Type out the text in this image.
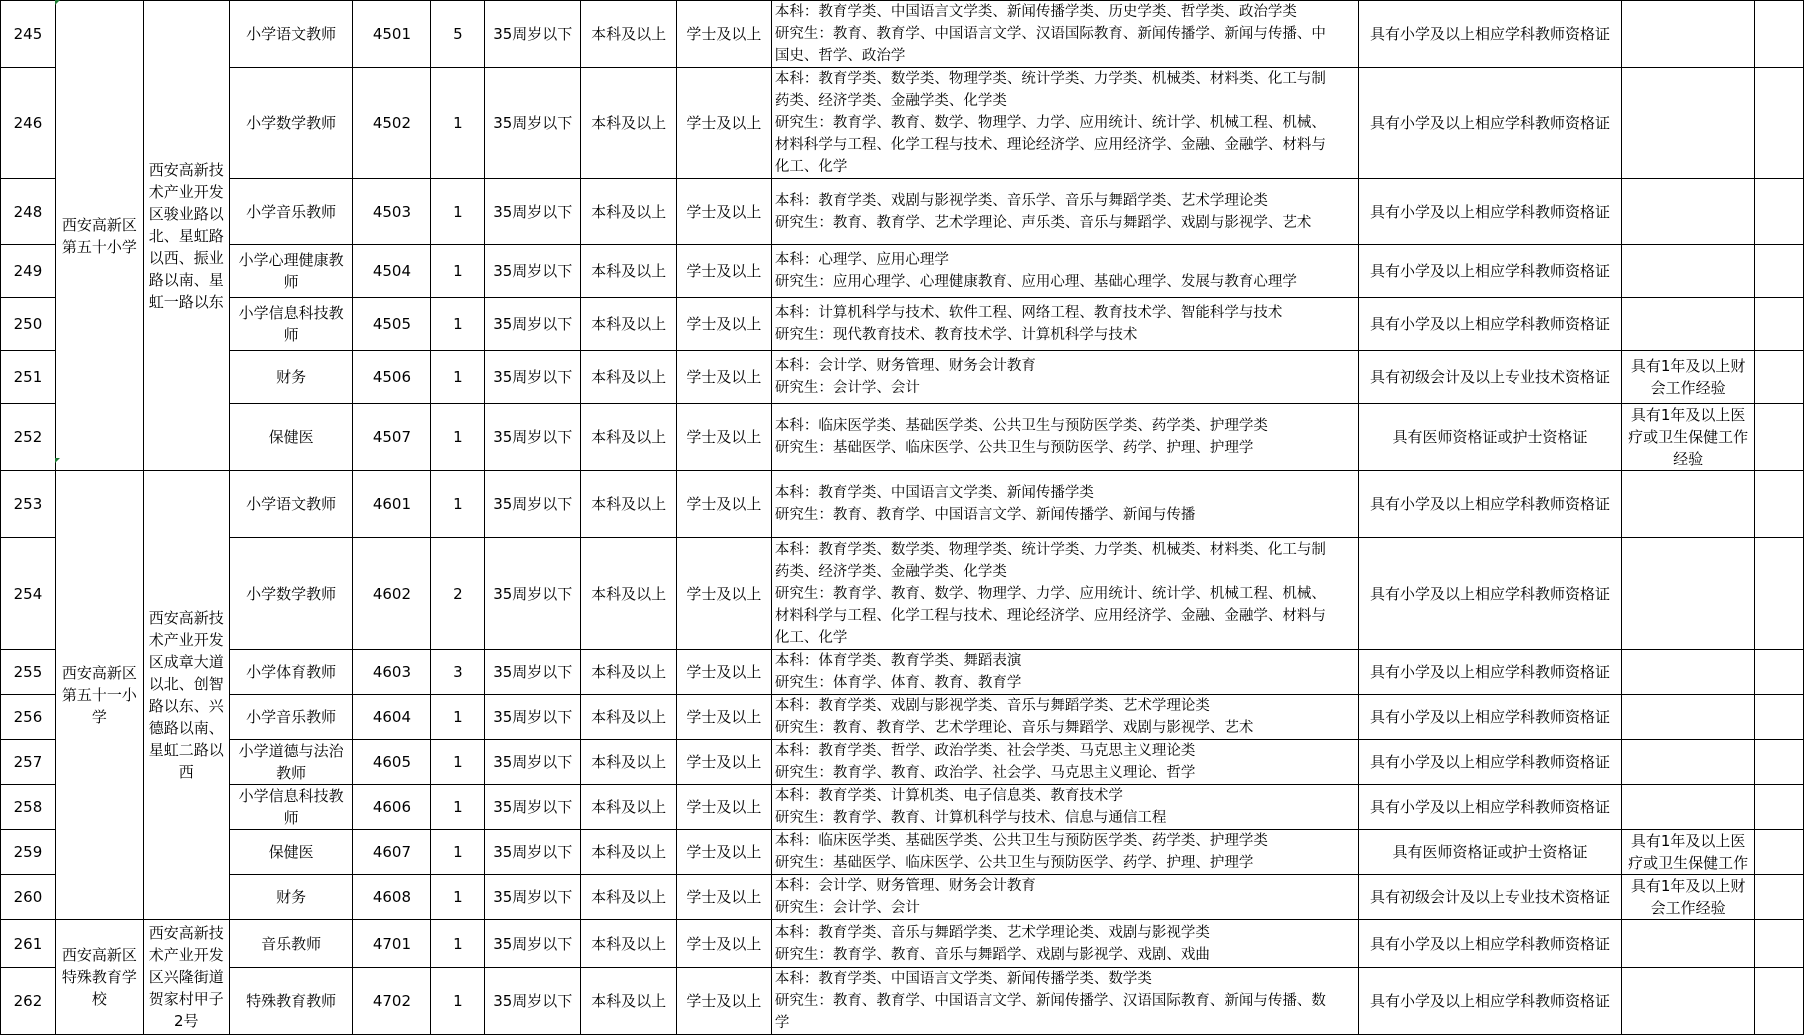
245	西安高新区第五十小学	西安高新技术产业开发区骏业路以北、星虹路以西、振业路以南、星虹一路以东	小学语文教师	4501	5	35周岁以下	本科及以上	学士及以上	本科：教育学类、中国语言文学类、新闻传播学类、历史学类、哲学类、政治学类
研究生：教育、教育学、中国语言文学、汉语国际教育、新闻传播学、新闻与传播、中
国史、哲学、政治学	具有小学及以上相应学科教师资格证		
246			小学数学教师	4502	1	35周岁以下	本科及以上	学士及以上	本科：教育学类、数学类、物理学类、统计学类、力学类、机械类、材料类、化工与制
药类、经济学类、金融学类、化学类
研究生：教育学、教育、数学、物理学、力学、应用统计、统计学、机械工程、机械、
材料科学与工程、化学工程与技术、理论经济学、应用经济学、金融、金融学、材料与
化工、化学	具有小学及以上相应学科教师资格证		
248			小学音乐教师	4503	1	35周岁以下	本科及以上	学士及以上	本科：教育学类、戏剧与影视学类、音乐学、音乐与舞蹈学类、艺术学理论类
研究生：教育、教育学、艺术学理论、声乐类、音乐与舞蹈学、戏剧与影视学、艺术	具有小学及以上相应学科教师资格证		
249			小学心理健康教师	4504	1	35周岁以下	本科及以上	学士及以上	本科：心理学、应用心理学
研究生：应用心理学、心理健康教育、应用心理、基础心理学、发展与教育心理学	具有小学及以上相应学科教师资格证		
250			小学信息科技教师	4505	1	35周岁以下	本科及以上	学士及以上	本科：计算机科学与技术、软件工程、网络工程、教育技术学、智能科学与技术
研究生：现代教育技术、教育技术学、计算机科学与技术	具有小学及以上相应学科教师资格证		
251			财务	4506	1	35周岁以下	本科及以上	学士及以上	本科：会计学、财务管理、财务会计教育
研究生：会计学、会计	具有初级会计及以上专业技术资格证	具有1年及以上财会工作经验	
252			保健医	4507	1	35周岁以下	本科及以上	学士及以上	本科：临床医学类、基础医学类、公共卫生与预防医学类、药学类、护理学类
研究生：基础医学、临床医学、公共卫生与预防医学、药学、护理、护理学	具有医师资格证或护士资格证	具有1年及以上医疗或卫生保健工作经验	
253	西安高新区第五十一小学	西安高新技术产业开发区成章大道以北、创智路以东、兴德路以南、星虹二路以西	小学语文教师	4601	1	35周岁以下	本科及以上	学士及以上	本科：教育学类、中国语言文学类、新闻传播学类
研究生：教育、教育学、中国语言文学、新闻传播学、新闻与传播	具有小学及以上相应学科教师资格证		
254			小学数学教师	4602	2	35周岁以下	本科及以上	学士及以上	本科：教育学类、数学类、物理学类、统计学类、力学类、机械类、材料类、化工与制
药类、经济学类、金融学类、化学类
研究生：教育学、教育、数学、物理学、力学、应用统计、统计学、机械工程、机械、
材料科学与工程、化学工程与技术、理论经济学、应用经济学、金融、金融学、材料与
化工、化学	具有小学及以上相应学科教师资格证		
255			小学体育教师	4603	3	35周岁以下	本科及以上	学士及以上	本科：体育学类、教育学类、舞蹈表演
研究生：体育学、体育、教育、教育学	具有小学及以上相应学科教师资格证		
256			小学音乐教师	4604	1	35周岁以下	本科及以上	学士及以上	本科：教育学类、戏剧与影视学类、音乐与舞蹈学类、艺术学理论类
研究生：教育、教育学、艺术学理论、音乐与舞蹈学、戏剧与影视学、艺术	具有小学及以上相应学科教师资格证		
257			小学道德与法治教师	4605	1	35周岁以下	本科及以上	学士及以上	本科：教育学类、哲学、政治学类、社会学类、马克思主义理论类
研究生：教育学、教育、政治学、社会学、马克思主义理论、哲学	具有小学及以上相应学科教师资格证		
258			小学信息科技教师	4606	1	35周岁以下	本科及以上	学士及以上	本科：教育学类、计算机类、电子信息类、教育技术学
研究生：教育学、教育、计算机科学与技术、信息与通信工程	具有小学及以上相应学科教师资格证		
259			保健医	4607	1	35周岁以下	本科及以上	学士及以上	本科：临床医学类、基础医学类、公共卫生与预防医学类、药学类、护理学类
研究生：基础医学、临床医学、公共卫生与预防医学、药学、护理、护理学	具有医师资格证或护士资格证	具有1年及以上医疗或卫生保健工作	
260			财务	4608	1	35周岁以下	本科及以上	学士及以上	本科：会计学、财务管理、财务会计教育
研究生：会计学、会计	具有初级会计及以上专业技术资格证	具有1年及以上财会工作经验	
261	西安高新区特殊教育学校	西安高新技术产业开发区兴隆街道贺家村甲子2号	音乐教师	4701	1	35周岁以下	本科及以上	学士及以上	本科：教育学类、音乐与舞蹈学类、艺术学理论类、戏剧与影视学类
研究生：教育学、教育、音乐与舞蹈学、戏剧与影视学、戏剧、戏曲	具有小学及以上相应学科教师资格证		
262			特殊教育教师	4702	1	35周岁以下	本科及以上	学士及以上	本科：教育学类、中国语言文学类、新闻传播学类、数学类
研究生：教育、教育学、中国语言文学、新闻传播学、汉语国际教育、新闻与传播、数
学	具有小学及以上相应学科教师资格证		
